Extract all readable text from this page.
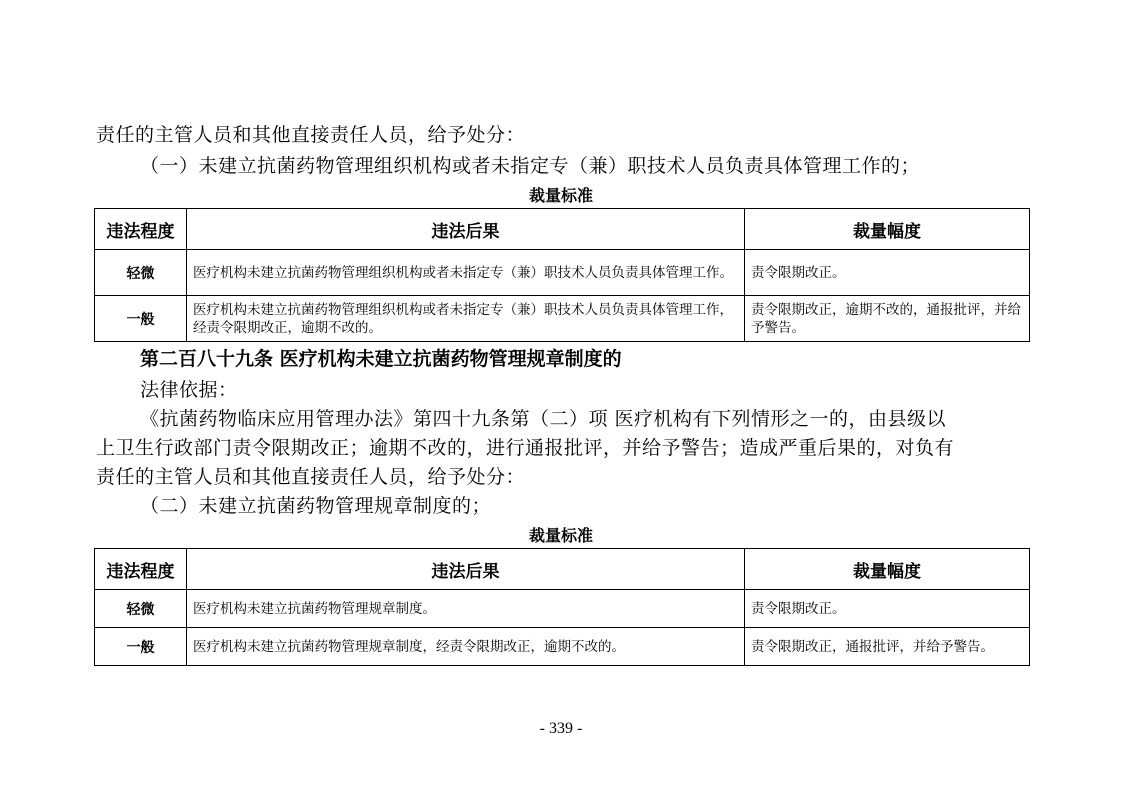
责任的主管人员和其他直接责任人员，给予处分：
（一）未建立抗菌药物管理组织机构或者未指定专（兼）职技术人员负责具体管理工作的；
裁量标准
违法程度	违法后果	裁量幅度
轻微	医疗机构未建立抗菌药物管理组织机构或者未指定专（兼）职技术人员负责具体管理工作。	责令限期改正。
一般	医疗机构未建立抗菌药物管理组织机构或者未指定专（兼）职技术人员负责具体管理工作，经责令限期改正，逾期不改的。	责令限期改正，逾期不改的，通报批评，并给予警告。
第二百八十九条 医疗机构未建立抗菌药物管理规章制度的
法律依据：
《抗菌药物临床应用管理办法》第四十九条第（二）项 医疗机构有下列情形之一的，由县级以
上卫生行政部门责令限期改正；逾期不改的，进行通报批评，并给予警告；造成严重后果的，对负有
责任的主管人员和其他直接责任人员，给予处分：
（二）未建立抗菌药物管理规章制度的；
裁量标准
违法程度	违法后果	裁量幅度
轻微	医疗机构未建立抗菌药物管理规章制度。	责令限期改正。
一般	医疗机构未建立抗菌药物管理规章制度，经责令限期改正，逾期不改的。	责令限期改正，通报批评，并给予警告。
- 339 -
